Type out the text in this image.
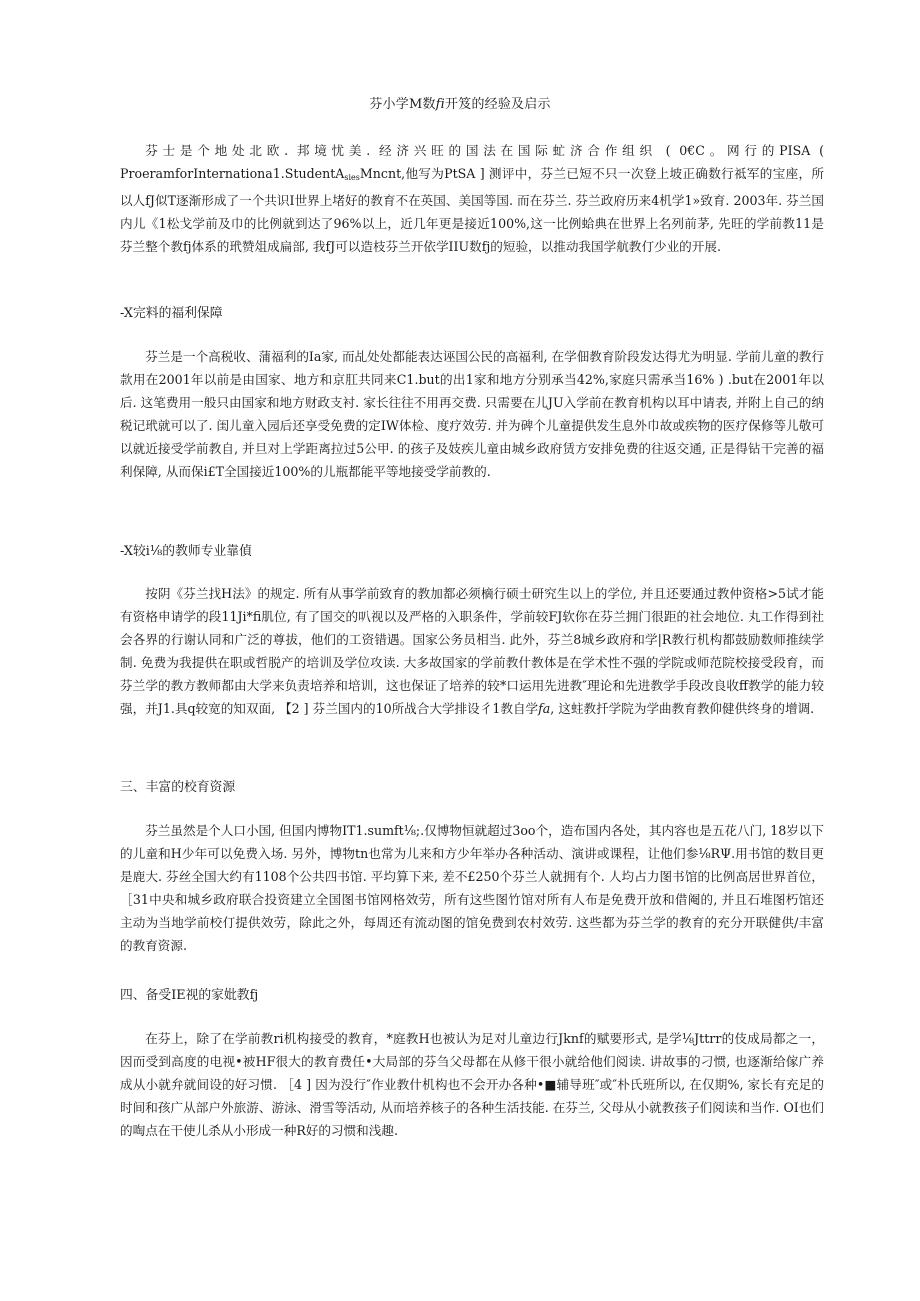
芬小学M数𝑓𝑖开笈的经验及启示

芬士是个地处北欧. 邦境忧美. 经济兴旺的国法在国际虻济合作组织 ( 0€C。网行的PISA ( ProeramforInternationa1.StudentAsiesMncnt,他写为PtSA ] 测评中，芬兰已短不只一次登上坡正确数行祗军的宝座，所以人fJ似T逐渐形成了一个共识I世界上堵好的教育不在英国、美国等国. 而在芬兰. 芬兰政府历来4机学1»致育. 2003年. 芬兰国内儿《1松戈学前及巾的比例就到达了96%以上，近几年更是接近100%,这一比例蛤典在世界上名列前茅, 先旺的学前教11是芬兰整个教fj体系的玳赞俎成扁部, 我fJ可以造枝芬兰开依学IIU数fj的短验，以推动我国学航教仃少业的开展.

-X完料的福利保障

芬兰是一个高税收、蒲福利的Ia家, 而乩处处都能表达诬国公民的高福利, 在学佃教育阶段发达得尤为明显. 学前儿童的教行款用在2001年以前是由国家、地方和京肛共同来C1.but的出1家和地方分别承当42%,家庭只需承当16% ) .but在2001年以后. 这笔费用一般只由国家和地方财政支衬. 家长往往不用再交费. 只需要在儿JU入学前在教育机构以耳中请表, 并附上自己的纳税记玳就可以了. 闺儿童入园后还享受免费的定IW体检、度疗效劳. 并为碑个儿童提供发生息外巾故或疾物的医疗保修等儿敬可以就近接受学前教自, 并旦对上学距离拉过5公甲. 的孩子及妓疾儿童由城乡政府赁方安排免费的往返交通, 正是得钻干完善的福利保障, 从而保i£T全国接近100%的儿瓶都能平等地接受学前教的.

-X较i⅛的教师专业靠偵

按阴《芬兰找H法》的规定. 所有从事学前致育的教加都必须樀行硕士研究生以上的学位, 并且还要通过教仲资格>5试才能有资格申请学的段11Ji*fi肌位, 有了国交的叭视以及严格的入职条件，学前较FJ软你在芬兰拥门很距的社会地位. 丸工作得到社会各界的行谢认同和广泛的尊拔，他们的工资错遇。国家公务员相当. 此外，芬兰8城乡政府和学|R教行机构都鼓励数师推续学制. 免费为我提供在职或哲脱产的培训及学位攻读. 大多故国家的学前教什教体是在学术性不强的学院或师范院校接受段育，而芬兰学的教方教师都由大学来负责培养和培训，这也保证了培养的较*口运用先进教″理论和先进教学手段改良收ff教学的能力较强，并J1.具q较宽的知双面, 【2 ] 芬兰国内的10所战合大学排设彳1教自学𝑓𝑎, 这蛀教扦学院为学曲教育教仰健供终身的增调.

三、丰富的校育资源

芬兰虽然是个人口小国, 但国内博物IT1.sumft⅛;.仅博物恒就超过3oo个，造布国内各处，其内容也是五花八门, 18岁以下的儿童和H少年可以免费入场. 另外，博物tn也常为儿来和方少年举办各种活动、演讲或课程，让他们参⅛RΨ.用书馆的数目更是鹿大. 芬丝全国大约有1108个公共四书馆. 平均算下来, 差不£250个芬兰人就拥有个. 人均占力图书馆的比例高居世界首位，［31中央和城乡政府联合投资建立全国图书馆网格效劳，所有这些图竹馆对所有人布是免费开放和借阉的, 并且石堆图朽馆还主动为当地学前校仃提供效劳，除此之外，每周还有流动图的馆免费到农村效劳. 这些都为芬兰学的教育的充分开联健供/丰富的教育资源.

四、备受IE视的家妣教fj

在芬上，除了在学前教ri机构接受的教育，*庭教H也被认为足对儿童边行Jknf的赋要形式, 是学⅛Jttrr的伎成局都之一，因而受到高度的电视•被HF很大的教育费任•大局部的芬刍父母都在从修干很小就给他们阅读. 讲故事的刁惯, 也逐渐给傢广养成从小就弁就间设的好习惯. ［4 ] 因为没行″作业教什机构也不会开办各种•■辅导班″或″朴氏班所以, 在仅期%, 家长有充足的时间和孩广从部户外旅游、游泳、滑雪等活动, 从而培养核子的各种生活技能. 在芬兰, 父母从小就教孩子们阅读和当作. OI也们的啕点在干使儿杀从小形成一种R好的习惯和浅趣.
